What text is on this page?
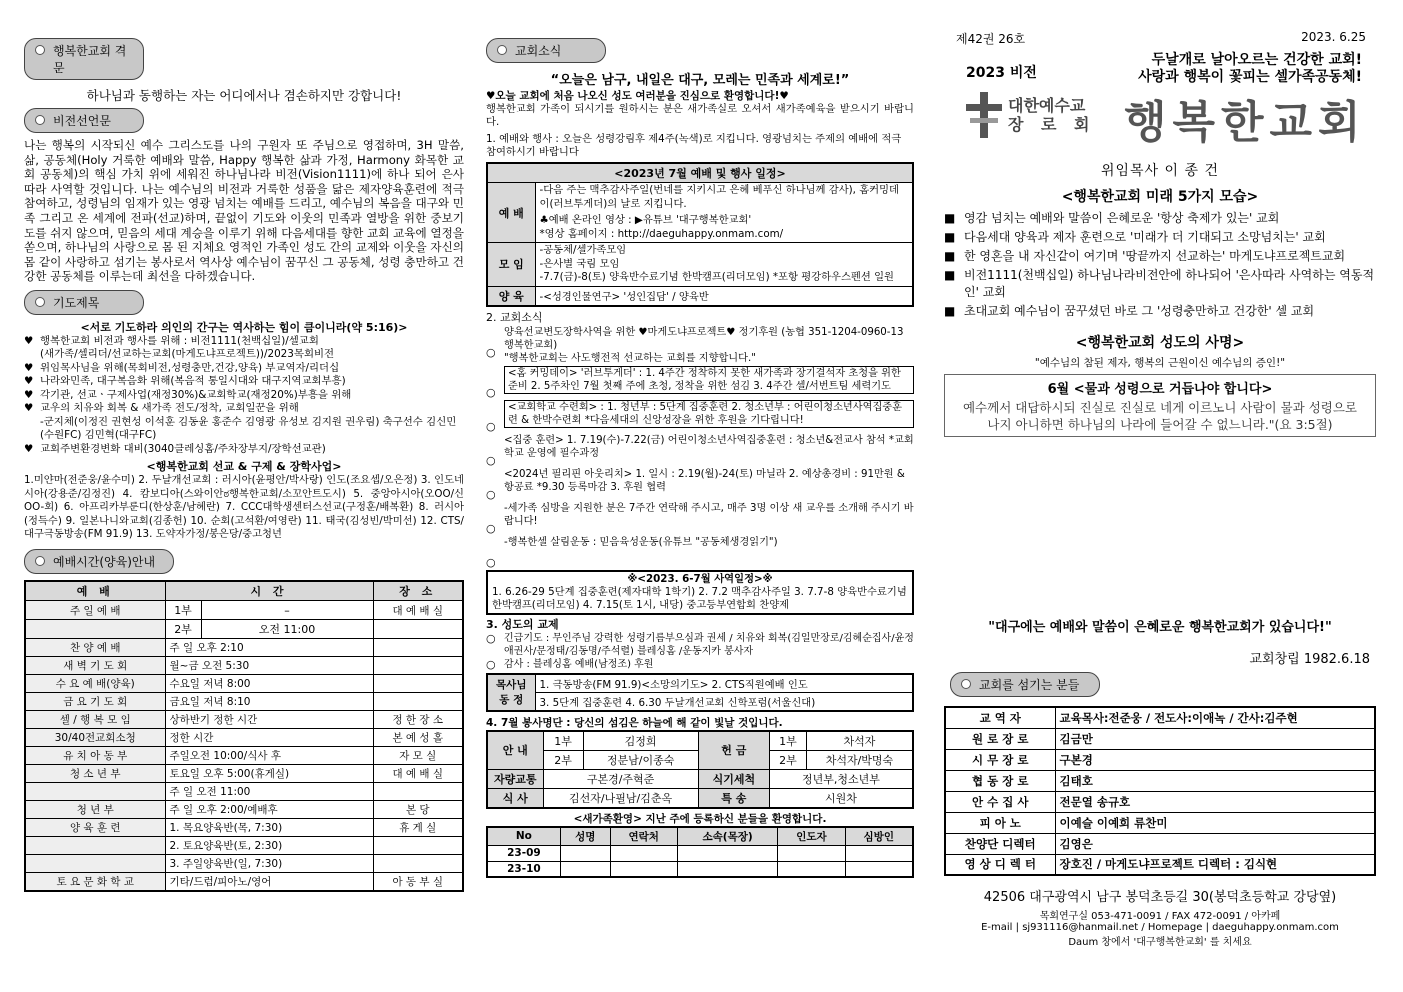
행복한교회 격문
하나님과 동행하는 자는 어디에서나 겸손하지만 강합니다!
비전선언문
나는 행복의 시작되신 예수 그리스도를 나의 구원자 또 주님으로 영접하며, 3H 말씀, 삶, 공동체(Holy 거룩한 예배와 말씀, Happy 행복한 삶과 가정, Harmony 화목한 교회 공동체)의 핵심 가치 위에 세워진 하나님나라 비전(Vision1111)에 하나 되어 은사 따라 사역할 것입니다. 나는 예수님의 비전과 거룩한 성품을 닮은 제자양육훈련에 적극 참여하고, 성령님의 임재가 있는 영광 넘치는 예배를 드리고, 예수님의 복음을 대구와 민족 그리고 온 세계에 전파(선교)하며, 끝없이 기도와 이웃의 민족과 열방을 위한 중보기도를 쉬지 않으며, 믿음의 세대 계승을 이루기 위해 다음세대를 향한 교회 교육에 열정을 쏟으며, 하나님의 사랑으로 몸 된 지체요 영적인 가족인 성도 간의 교제와 이웃을 자신의 몸 같이 사랑하고 섬기는 봉사로서 역사상 예수님이 꿈꾸신 그 공동체, 성령 충만하고 건강한 공동체를 이루는데 최선을 다하겠습니다.
기도제목
<서로 기도하라 의인의 간구는 역사하는 힘이 큼이니라(약 5:16)>
♥ 행복한교회 비전과 행사를 위해 : 비전1111(천백십일)/셀교회
(새가족/셀리더/선교하는교회(마게도냐프로젝트))/2023목회비전
♥ 위임목사님을 위해(목회비전,성령충만,건강,양육) 부교역자/리더십
♥ 나라와민족, 대구복음화 위해(복음적 통일시대와 대구지역교회부흥)
♥ 각기관, 선교ㆍ구제사업(재정30%)&교회학교(재정20%)부흥을 위해
♥ 교우의 치유와 회복 & 새가족 전도/정착, 교회일꾼을 위해
-군지체(이정진 권현성 이석훈 김동윤 홍준수 김영광 유성보 김지원 권우림) 축구선수 김신민(수원FC) 김민혁(대구FC)
♥ 교회주변환경변화 대비(3040클레싱홈/주차장부지/장학선교관)
<행복한교회 선교 & 구제 & 장학사업>
1.미얀마(전준웅/윤수미) 2. 두날개선교회 : 러시아(윤평안/박사랑) 인도(조요셉/오은정) 3. 인도네시아(강용준/김정진) 4. 캄보디아(스와이안ಠ행복한교회/소꼬안트도시) 5. 중앙아시아(오OO/신OO-회) 6. 아프리카부룬디(한상훈/남혜란) 7. CCC대학생센터스선교(구정훈/배복환) 8. 러시아(정득수) 9. 일본나니와교회(김종헌) 10. 순회(고석환/여영란) 11. 태국(김성빈/박미선) 12. CTS/대구극동방송(FM 91.9) 13. 도약자가정/봉은당/중고청년
예배시간(양육)안내
예 배	시 간		장 소
주 일 예 배	1부	–	대 예 배 실
	2부	오전 11:00	
찬 양 예 배	주 일 오후 2:10		
새 벽 기 도 회	월~금 오전 5:30		
수 요 예 배(양육)	수요일 저녁 8:00		
금 요 기 도 회	금요일 저녁 8:10		
셀 / 행 복 모 임	상하반기 정한 시간		정 한 장 소
30/40전교회소청	정한 시간		본 예 성 홀
유 치 아 동 부	주일오전 10:00/식사 후		자 모 실
청 소 년 부	토요일 오후 5:00(휴게실)		대 예 배 실
	주 일 오전 11:00		
청 년 부	주 일 오후 2:00/예배후		본 당
양 육 훈 련	1. 목요양육반(목, 7:30)		휴 게 실
	2. 토요양육반(토, 2:30)		
	3. 주일양육반(일, 7:30)		
토 요 문 화 학 교	기타/드럼/피아노/영어		아 동 부 실
교회소식
“오늘은 남구, 내일은 대구, 모레는 민족과 세계로!”
♥오늘 교회에 처음 나오신 성도 여러분을 진심으로 환영합니다!♥
행복한교회 가족이 되시기를 원하시는 분은 새가족실로 오셔서 새가족예육을 받으시기 바랍니다.
1. 예배와 행사 : 오늘은 성령강림후 제4주(녹색)로 지킵니다. 영광넘치는 주제의 예배에 적극 참여하시기 바랍니다
<2023년 7월 예배 및 행사 일정>	
예 배	-다음 주는 맥추감사주일(번네를 지키시고 은혜 베푸신 하나님께 감사), 홈커밍데이(러브투게더)의 날로 지킵니다.
♣예배 온라인 영상 : ▶유튜브 '대구행복한교회'
*영상 홈페이지 : http://daeguhappy.onmam.com/

모 임	-공동체/셀가족모임
-은사별 국림 모임
-7.7(금)-8(토) 양육반수료기념 한박캠프(리더모임) *포항 평강하우스펜션 일원
양 육	-<성경인물연구> '성인집담' / 양육반
2. 교회소식
○
양육선교변도장학사역을 위한 ♥마게도냐프로젝트♥ 정기후원 (농협 351-1204-0960-13 행복한교회)
"행복한교회는 사도행전적 선교하는 교회를 지향합니다."
○
<홈 커밍데이> '러브투게더' : 1. 4주간 정착하지 못한 새가족과 장기결석자 초청을 위한 준비 2. 5주차인 7월 첫째 주에 초청, 정착을 위한 섬김 3. 4주간 셀/서번트팀 세력기도
○
<교회학교 수련회> : 1. 청년부 : 5단계 집중훈련 2. 청소년부 : 어린이청소년사역집중훈련 & 한박수련회 *다음세대의 신앙성장을 위한 후원을 기다립니다!
○
<집중 훈련> 1. 7.19(수)-7.22(금) 어린이청소년사역집중훈련 : 청소년&전교사 참석 *교회학교 운영에 필수과정
○
<2024년 필리핀 아웃리치> 1. 일시 : 2.19(월)-24(토) 마닐라 2. 예상총경비 : 91만원 & 항공료 *9.30 등록마감 3. 후원 협력
○
-세가족 심방을 지원한 분은 7주간 연락해 주시고, 매주 3명 이상 새 교우를 소개해 주시기 바랍니다!
○
-행복한셀 살림운동 : 믿음육성운동(유튜브 "공동체생경읽기")
※<2023. 6-7월 사역일정>※
1. 6.26-29 5단계 집중훈련(제자대학 1학기) 2. 7.2 맥추감사주일 3. 7.7-8 양육반수료기념 한박캠프(리더모임) 4. 7.15(토 1시, 내당) 중고등부연합회 찬양제
3. 성도의 교제
○ 긴급기도 : 무인주님 강력한 성령기름부으심과 권세 / 치유와 회복(김일만장로/김혜순집사/윤정애권사/문정태/김동명/주석렬) 블레싱홈 /운동지카 봉사자
○ 감사 : 블레싱홈 예배(남정조) 후원
목사님
동 정	1. 극동방송(FM 91.9)<소망의기도> 2. CTS직원예배 인도
3. 5단계 집중훈련 4. 6.30 두날개선교회 신학포럼(서울신대)
4. 7월 봉사명단 : 당신의 섬김은 하늘에 해 같이 빛날 것입니다.
안 내	1부	김정희	헌 금	1부	차석자
	2부	정분남/이종숙		2부	차석자/박명숙
자량교통	구본경/주혁준		식기세척	정년부,청소년부	
식 사	김선자/나필남/김춘옥		특 송	시원차	
<새가족환영> 지난 주에 등록하신 분들을 환영합니다.
No	성명	연락처	소속(목장)	인도자	심방인
23-09					
23-10					
제42권 26호	2023. 6.25
2023 비전
두날개로 날아오르는 건강한 교회!
사랑과 행복이 꽃피는 셀가족공동체!
대한예수교
장 로 회 행복한교회
위임목사 이 종 건
<행복한교회 미래 5가지 모습>
■ 영감 넘치는 예배와 말씀이 은혜로운 '항상 축제가 있는' 교회
■ 다음세대 양육과 제자 훈련으로 '미래가 더 기대되고 소망넘치는' 교회
■ 한 영혼을 내 자신같이 여기며 '땅끝까지 선교하는' 마게도냐프로젝트교회
■ 비전1111(천백십일) 하나님나라비전안에 하나되어 '은사따라 사역하는 역동적인' 교회
■ 초대교회 예수님이 꿈꾸셨던 바로 그 '성령충만하고 건강한' 셀 교회
<행복한교회 성도의 사명>
"예수님의 참된 제자, 행복의 근원이신 예수님의 증인!"
6월 <물과 성령으로 거듭나야 합니다>
예수께서 대답하시되 진실로 진실로 네게 이르노니 사람이 물과 성령으로 나지 아니하면 하나님의 나라에 들어갈 수 없느니라."(요 3:5절)
"대구에는 예배와 말씀이 은혜로운 행복한교회가 있습니다!"
교회창립 1982.6.18
교회를 섬기는 분들
교 역 자	교육목사:전준웅 / 전도사:이애녹 / 간사:김주현
원 로 장 로	김금만
시 무 장 로	구본경
협 동 장 로	김태호
안 수 집 사	전문열 송규호
피 아 노	이예슬 이예희 류찬미
찬양단 디렉터	김영은
영 상 디 렉 터	장호진 / 마게도냐프로젝트 디렉터 : 김식현
42506 대구광역시 남구 봉덕초등길 30(봉덕초등학교 강당옆)
목회연구실 053-471-0091 / FAX 472-0091 / 아카페
E-mail | sj931116@hanmail.net / Homepage | daeguhappy.onmam.com
Daum 창에서 '대구행복한교회' 를 치세요
